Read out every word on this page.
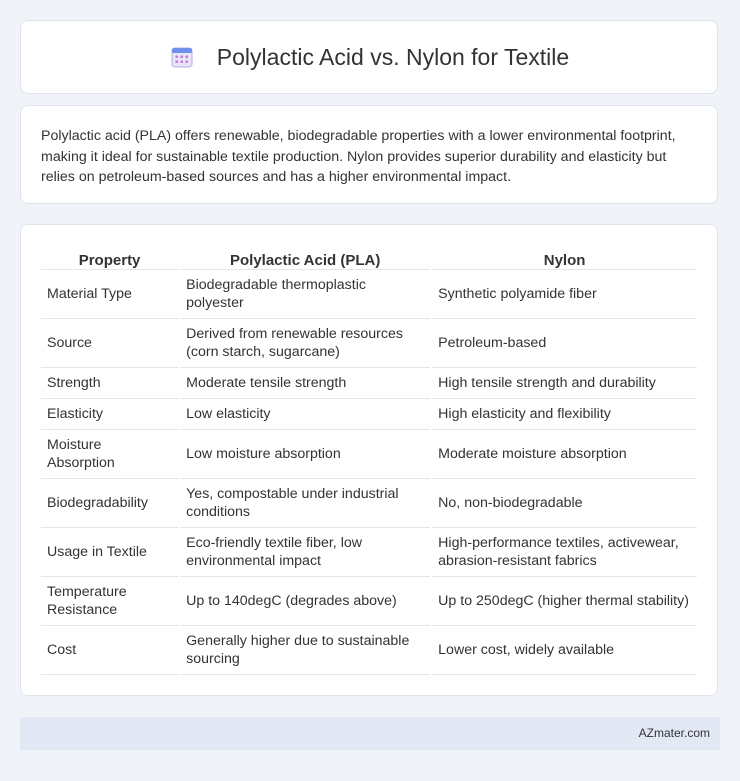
Polylactic Acid vs. Nylon for Textile
Polylactic acid (PLA) offers renewable, biodegradable properties with a lower environmental footprint, making it ideal for sustainable textile production. Nylon provides superior durability and elasticity but relies on petroleum-based sources and has a higher environmental impact.
Property	Polylactic Acid (PLA)	Nylon
Material Type	Biodegradable thermoplastic polyester	Synthetic polyamide fiber
Source	Derived from renewable resources (corn starch, sugarcane)	Petroleum-based
Strength	Moderate tensile strength	High tensile strength and durability
Elasticity	Low elasticity	High elasticity and flexibility
Moisture Absorption	Low moisture absorption	Moderate moisture absorption
Biodegradability	Yes, compostable under industrial conditions	No, non-biodegradable
Usage in Textile	Eco-friendly textile fiber, low environmental impact	High-performance textiles, activewear, abrasion-resistant fabrics
Temperature Resistance	Up to 140degC (degrades above)	Up to 250degC (higher thermal stability)
Cost	Generally higher due to sustainable sourcing	Lower cost, widely available
AZmater.com
